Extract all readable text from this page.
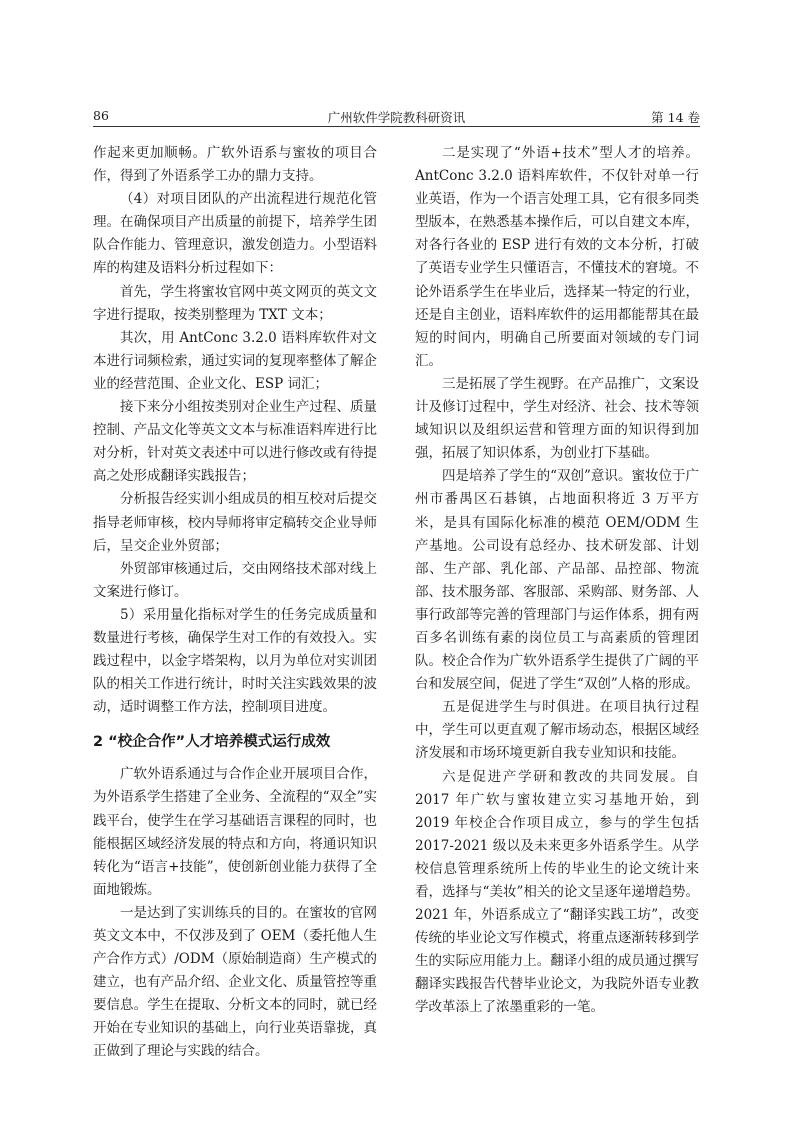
86	广州软件学院教科研资讯	第 14 卷

作起来更加顺畅。广软外语系与蜜妆的项目合作，得到了外语系学工办的鼎力支持。

（4）对项目团队的产出流程进行规范化管理。在确保项目产出质量的前提下，培养学生团队合作能力、管理意识，激发创造力。小型语料库的构建及语料分析过程如下：

首先，学生将蜜妆官网中英文网页的英文文字进行提取，按类别整理为 TXT 文本；

其次，用 AntConc 3.2.0 语料库软件对文本进行词频检索，通过实词的复现率整体了解企业的经营范围、企业文化、ESP 词汇；

接下来分小组按类别对企业生产过程、质量控制、产品文化等英文文本与标准语料库进行比对分析，针对英文表述中可以进行修改或有待提高之处形成翻译实践报告；

分析报告经实训小组成员的相互校对后提交指导老师审核，校内导师将审定稿转交企业导师后，呈交企业外贸部；

外贸部审核通过后，交由网络技术部对线上文案进行修订。

5）采用量化指标对学生的任务完成质量和数量进行考核，确保学生对工作的有效投入。实践过程中，以金字塔架构，以月为单位对实训团队的相关工作进行统计，时时关注实践效果的波动，适时调整工作方法，控制项目进度。

2 “校企合作”人才培养模式运行成效

广软外语系通过与合作企业开展项目合作，为外语系学生搭建了全业务、全流程的“双全”实践平台，使学生在学习基础语言课程的同时，也能根据区域经济发展的特点和方向，将通识知识转化为“语言+技能”，使创新创业能力获得了全面地锻炼。

一是达到了实训练兵的目的。在蜜妆的官网英文文本中，不仅涉及到了 OEM（委托他人生产合作方式）/ODM（原始制造商）生产模式的建立，也有产品介绍、企业文化、质量管控等重要信息。学生在提取、分析文本的同时，就已经开始在专业知识的基础上，向行业英语靠拢，真正做到了理论与实践的结合。

二是实现了“外语+技术”型人才的培养。AntConc 3.2.0 语料库软件，不仅针对单一行业英语，作为一个语言处理工具，它有很多同类型版本，在熟悉基本操作后，可以自建文本库，对各行各业的 ESP 进行有效的文本分析，打破了英语专业学生只懂语言，不懂技术的窘境。不论外语系学生在毕业后，选择某一特定的行业，还是自主创业，语料库软件的运用都能帮其在最短的时间内，明确自己所要面对领域的专门词汇。

三是拓展了学生视野。在产品推广，文案设计及修订过程中，学生对经济、社会、技术等领域知识以及组织运营和管理方面的知识得到加强，拓展了知识体系，为创业打下基础。

四是培养了学生的“双创”意识。蜜妆位于广州市番禺区石碁镇，占地面积将近 3 万平方米，是具有国际化标准的模范 OEM/ODM 生产基地。公司设有总经办、技术研发部、计划部、生产部、乳化部、产品部、品控部、物流部、技术服务部、客服部、采购部、财务部、人事行政部等完善的管理部门与运作体系，拥有两百多名训练有素的岗位员工与高素质的管理团队。校企合作为广软外语系学生提供了广阔的平台和发展空间，促进了学生“双创”人格的形成。

五是促进学生与时俱进。在项目执行过程中，学生可以更直观了解市场动态，根据区域经济发展和市场环境更新自我专业知识和技能。

六是促进产学研和教改的共同发展。自 2017 年广软与蜜妆建立实习基地开始，到 2019 年校企合作项目成立，参与的学生包括 2017-2021 级以及未来更多外语系学生。从学校信息管理系统所上传的毕业生的论文统计来看，选择与“美妆”相关的论文呈逐年递增趋势。2021 年，外语系成立了“翻译实践工坊”，改变传统的毕业论文写作模式，将重点逐渐转移到学生的实际应用能力上。翻译小组的成员通过撰写翻译实践报告代替毕业论文，为我院外语专业教学改革添上了浓墨重彩的一笔。
